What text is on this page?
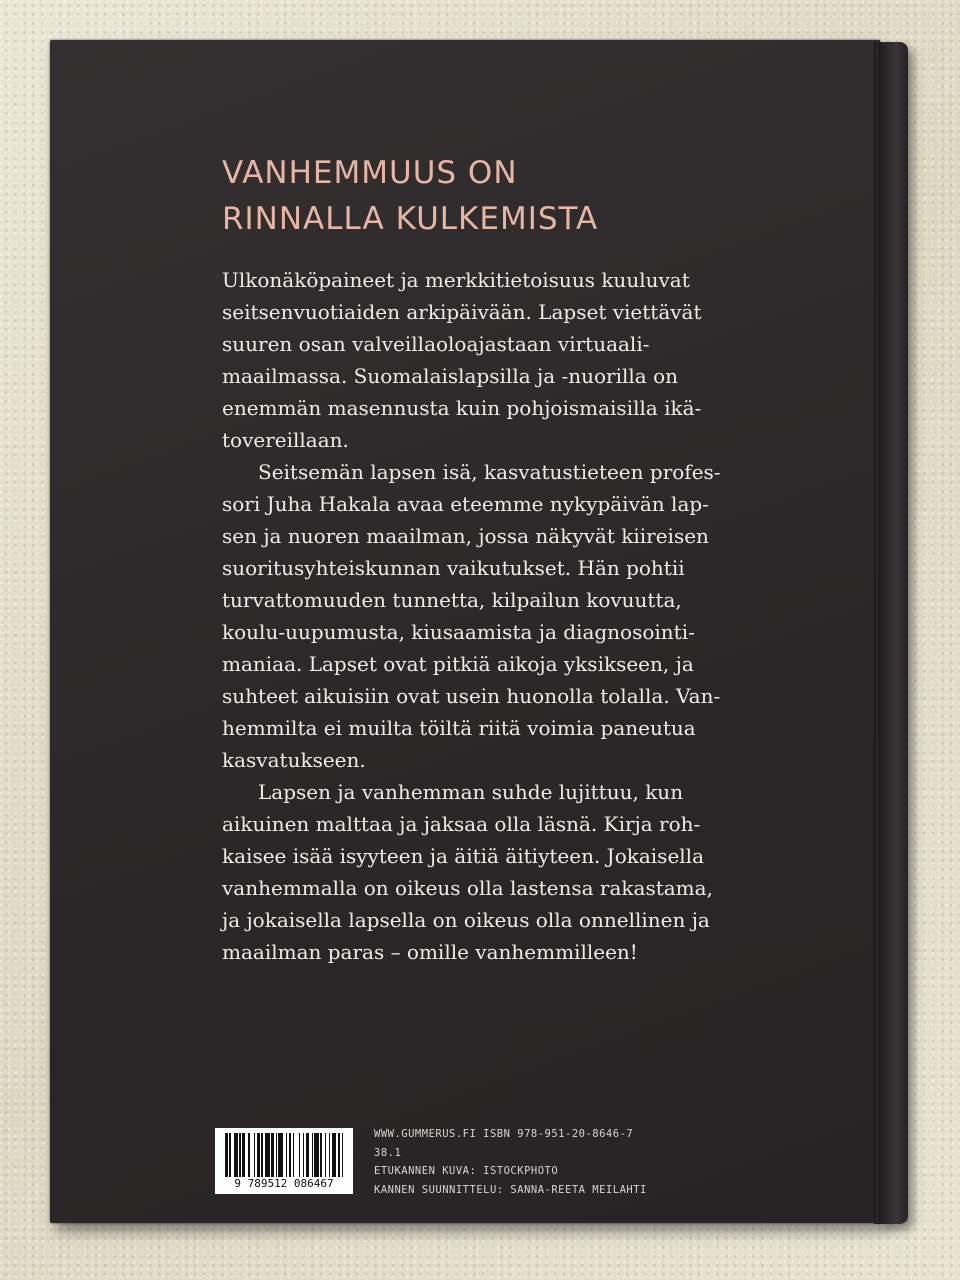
VANHEMMUUS ON
RINNALLA KULKEMISTA

Ulkonäköpaineet ja merkkitietoisuus kuuluvat
seitsenvuotiaiden arkipäivään. Lapset viettävät
suuren osan valveillaoloajastaan virtuaali-
maailmassa. Suomalaislapsilla ja -nuorilla on
enemmän masennusta kuin pohjoismaisilla ikä-
tovereillaan.

Seitsemän lapsen isä, kasvatustieteen profes-
sori Juha Hakala avaa eteemme nykypäivän lap-
sen ja nuoren maailman, jossa näkyvät kiireisen
suoritusyhteiskunnan vaikutukset. Hän pohtii
turvattomuuden tunnetta, kilpailun kovuutta,
koulu-uupumusta, kiusaamista ja diagnosointi-
maniaa. Lapset ovat pitkiä aikoja yksikseen, ja
suhteet aikuisiin ovat usein huonolla tolalla. Van-
hemmilta ei muilta töiltä riitä voimia paneutua
kasvatukseen.

Lapsen ja vanhemman suhde lujittuu, kun
aikuinen malttaa ja jaksaa olla läsnä. Kirja roh-
kaisee isää isyyteen ja äitiä äitiyteen. Jokaisella
vanhemmalla on oikeus olla lastensa rakastama,
ja jokaisella lapsella on oikeus olla onnellinen ja
maailman paras – omille vanhemmilleen!

9 789512 086467
WWW.GUMMERUS.FI ISBN 978-951-20-8646-7
38.1
ETUKANNEN KUVA: ISTOCKPHOTO
KANNEN SUUNNITTELU: SANNA-REETA MEILAHTI
